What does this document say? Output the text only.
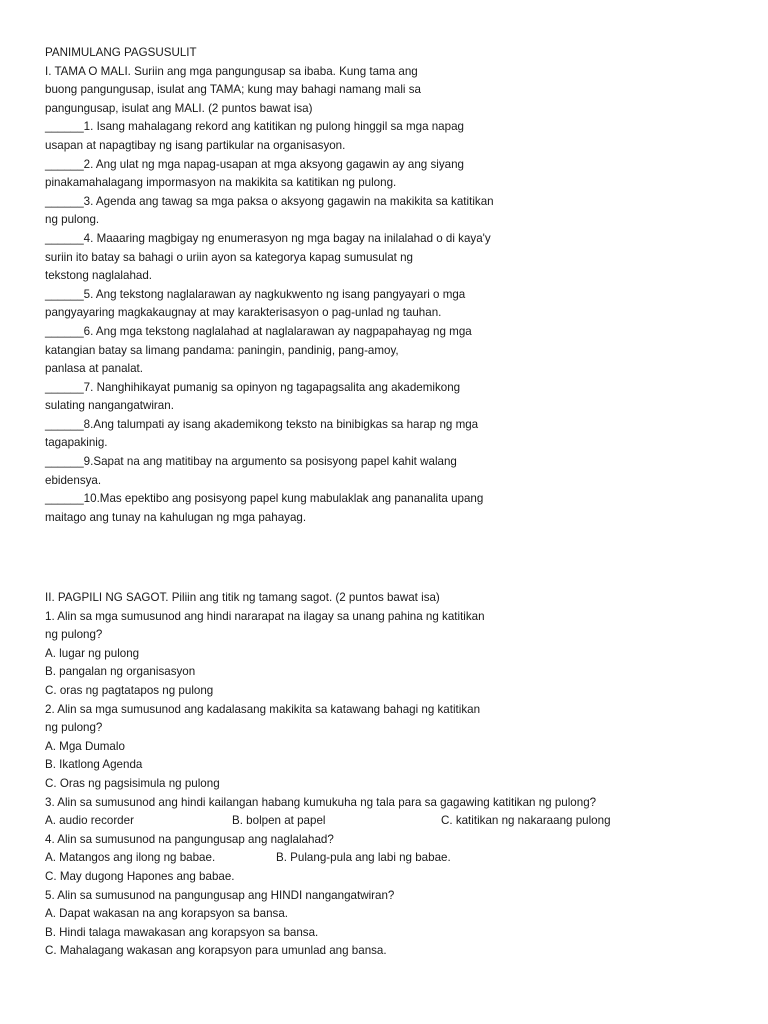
PANIMULANG PAGSUSULIT
I. TAMA O MALI. Suriin ang mga pangungusap sa ibaba. Kung tama ang
buong pangungusap, isulat ang TAMA; kung may bahagi namang mali sa
pangungusap, isulat ang MALI. (2 puntos bawat isa)
______1. Isang mahalagang rekord ang katitikan ng pulong hinggil sa mga napag
usapan at napagtibay ng isang partikular na organisasyon.
______2. Ang ulat ng mga napag-usapan at mga aksyong gagawin ay ang siyang
pinakamahalagang impormasyon na makikita sa katitikan ng pulong.
______3. Agenda ang tawag sa mga paksa o aksyong gagawin na makikita sa katitikan
ng pulong.
______4. Maaaring magbigay ng enumerasyon ng mga bagay na inilalahad o di kaya'y
suriin ito batay sa bahagi o uriin ayon sa kategorya kapag sumusulat ng
tekstong naglalahad.
______5. Ang tekstong naglalarawan ay nagkukwento ng isang pangyayari o mga
pangyayaring magkakaugnay at may karakterisasyon o pag-unlad ng tauhan.
______6. Ang mga tekstong naglalahad at naglalarawan ay nagpapahayag ng mga
katangian batay sa limang pandama: paningin, pandinig, pang-amoy,
panlasa at panalat.
______7. Nanghihikayat pumanig sa opinyon ng tagapagsalita ang akademikong
sulating nangangatwiran.
______8.Ang talumpati ay isang akademikong teksto na binibigkas sa harap ng mga
tagapakinig.
______9.Sapat na ang matitibay na argumento sa posisyong papel kahit walang
ebidensya.
______10.Mas epektibo ang posisyong papel kung mabulaklak ang pananalita upang
maitago ang tunay na kahulugan ng mga pahayag.
II. PAGPILI NG SAGOT. Piliin ang titik ng tamang sagot. (2 puntos bawat isa)
1. Alin sa mga sumusunod ang hindi nararapat na ilagay sa unang pahina ng katitikan
ng pulong?
A. lugar ng pulong
B. pangalan ng organisasyon
C. oras ng pagtatapos ng pulong
2. Alin sa mga sumusunod ang kadalasang makikita sa katawang bahagi ng katitikan
ng pulong?
A. Mga Dumalo
B. Ikatlong Agenda
C. Oras ng pagsisimula ng pulong
3. Alin sa sumusunod ang hindi kailangan habang kumukuha ng tala para sa gagawing katitikan ng pulong?
A. audio recorder	B. bolpen at papel	C. katitikan ng nakaraang pulong
4. Alin sa sumusunod na pangungusap ang naglalahad?
A. Matangos ang ilong ng babae.	B. Pulang-pula ang labi ng babae.
C. May dugong Hapones ang babae.
5. Alin sa sumusunod na pangungusap ang HINDI nangangatwiran?
A. Dapat wakasan na ang korapsyon sa bansa.
B. Hindi talaga mawakasan ang korapsyon sa bansa.
C. Mahalagang wakasan ang korapsyon para umunlad ang bansa.
